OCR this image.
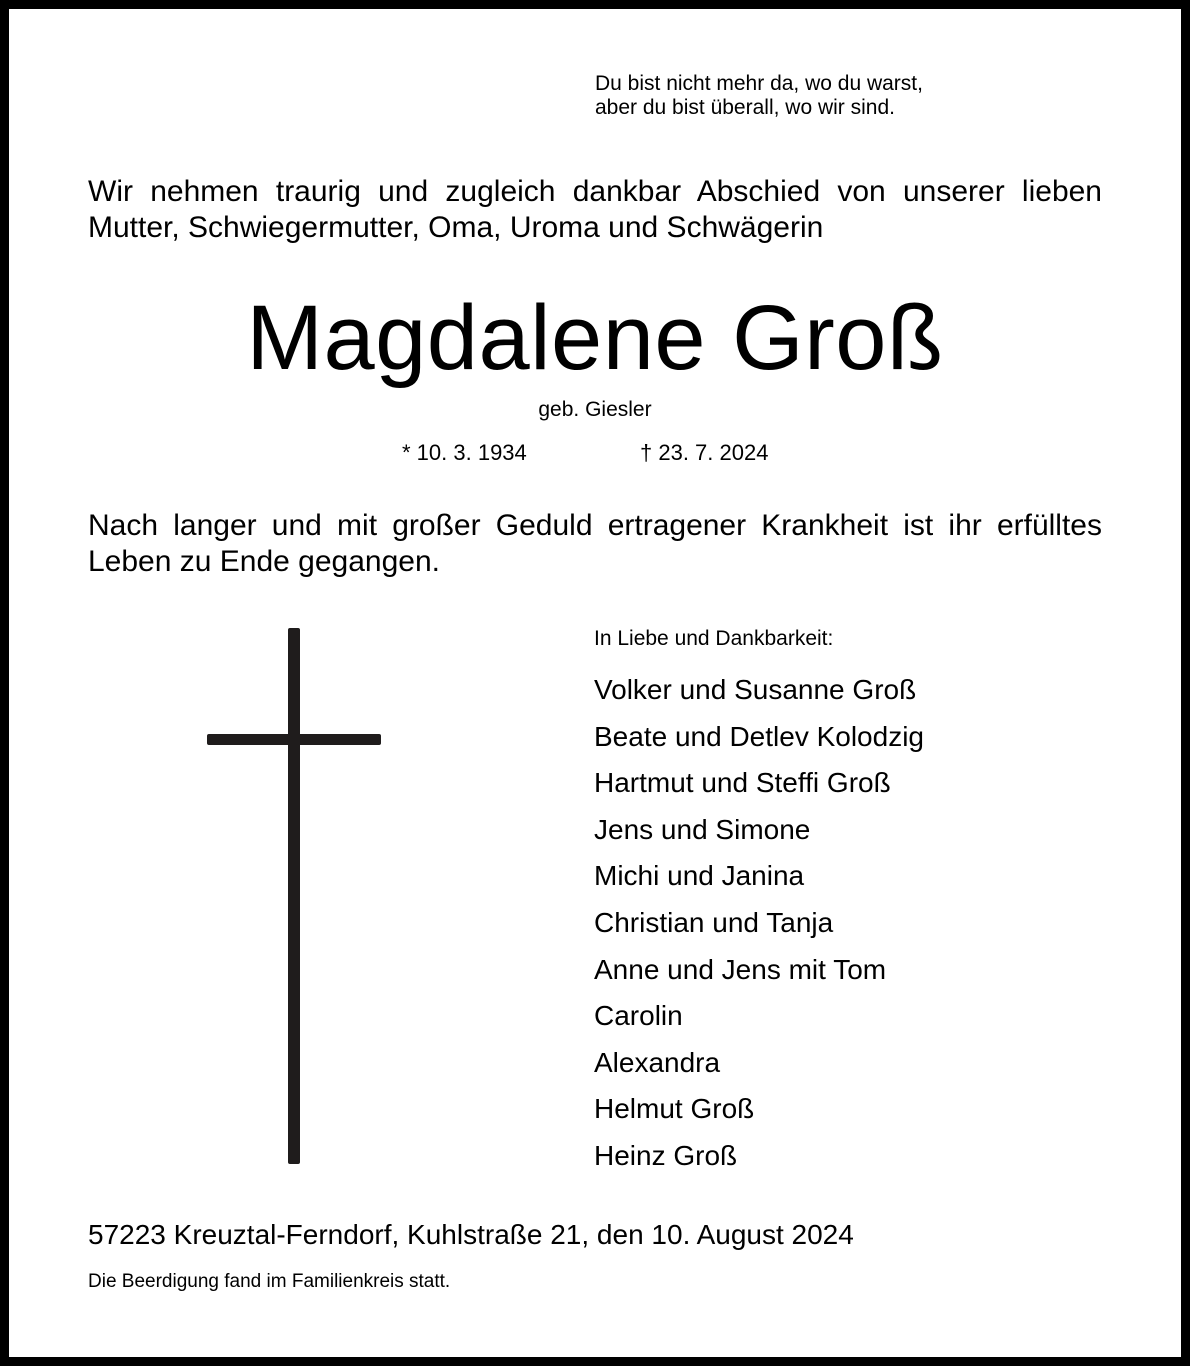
Du bist nicht mehr da, wo du warst,
aber du bist überall, wo wir sind.
Wir nehmen traurig und zugleich dankbar Abschied von unserer lieben Mutter, Schwiegermutter, Oma, Uroma und Schwägerin
Magdalene Groß
geb. Giesler
* 10. 3. 1934	† 23. 7. 2024
Nach langer und mit großer Geduld ertragener Krankheit ist ihr erfülltes Leben zu Ende gegangen.
In Liebe und Dankbarkeit:
Volker und Susanne Groß
Beate und Detlev Kolodzig
Hartmut und Steffi Groß
Jens und Simone
Michi und Janina
Christian und Tanja
Anne und Jens mit Tom
Carolin
Alexandra
Helmut Groß
Heinz Groß
57223 Kreuztal-Ferndorf, Kuhlstraße 21, den 10. August 2024
Die Beerdigung fand im Familienkreis statt.
